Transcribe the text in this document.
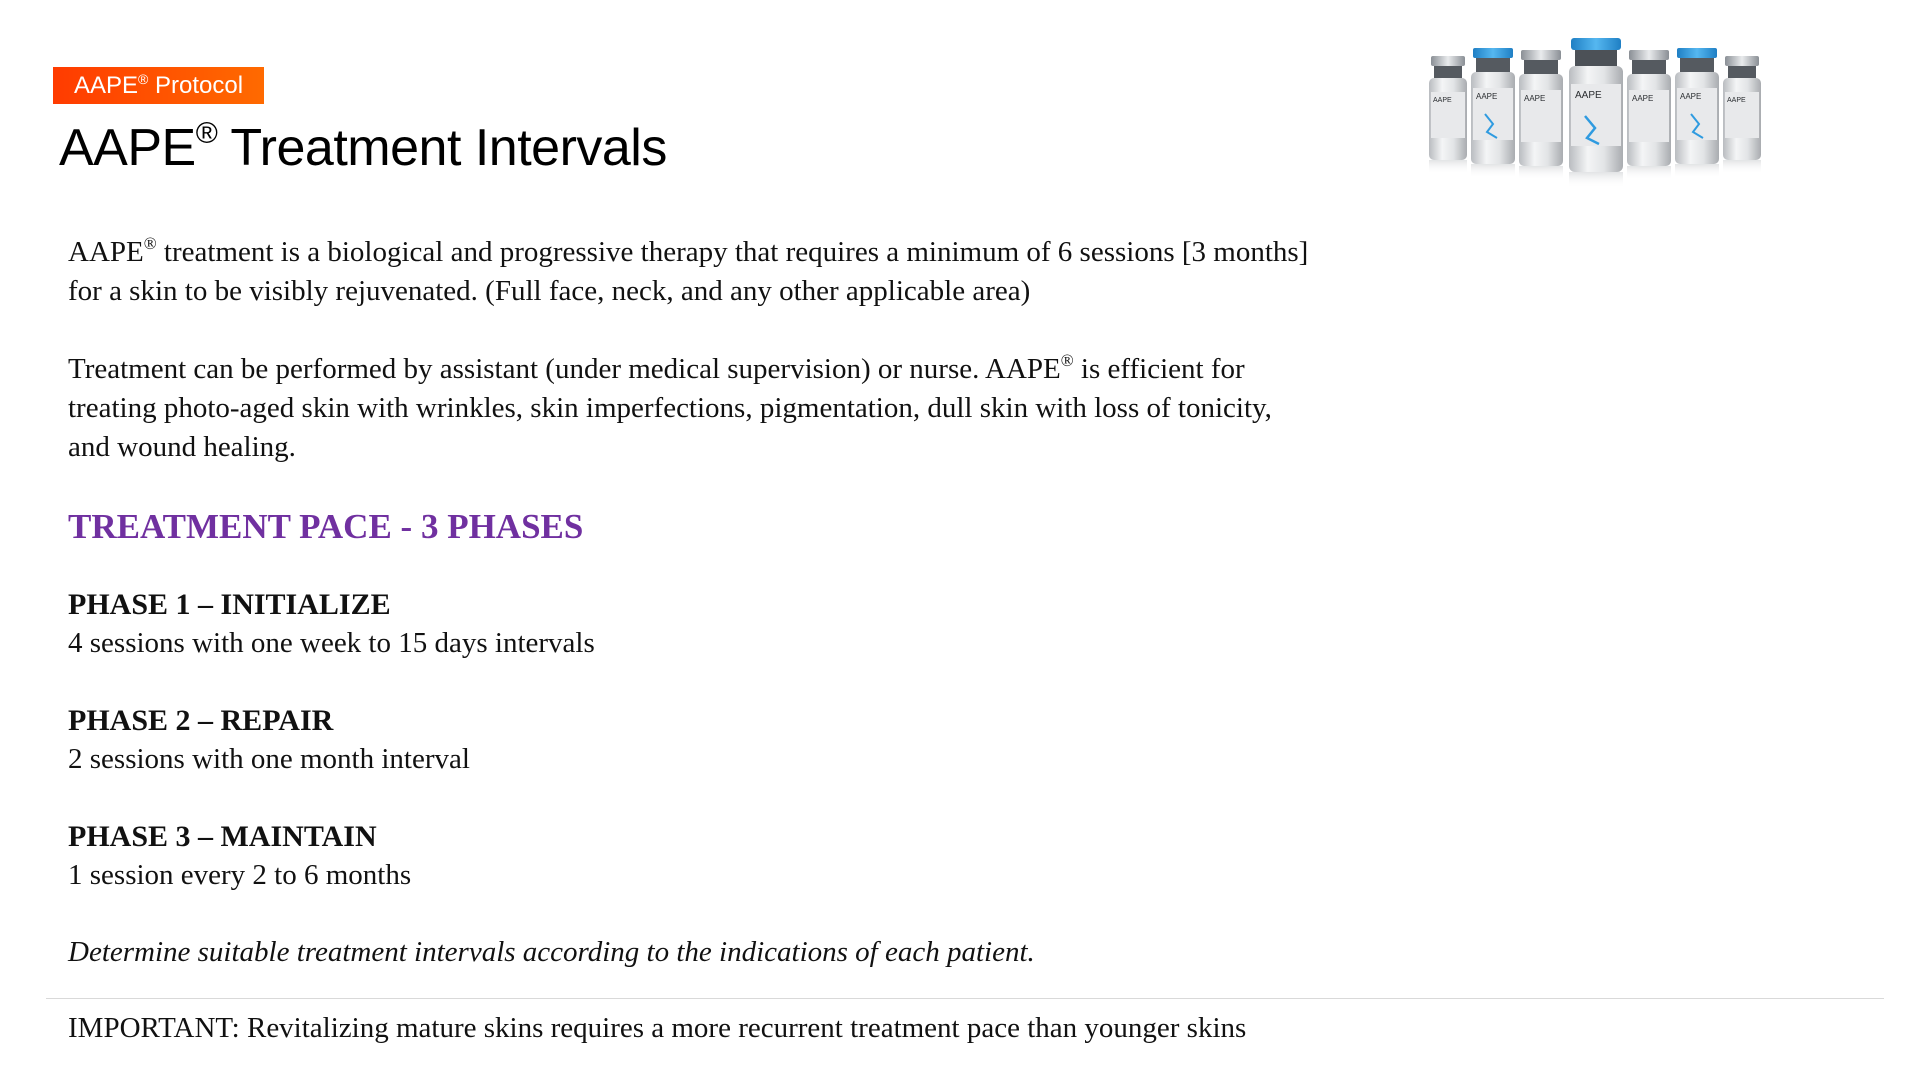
AAPE® Protocol
AAPE® Treatment Intervals
AAPE	AAPE	AAPE	AAPE	AAPE	AAPE	AAPE

AAPE® treatment is a biological and progressive therapy that requires a minimum of 6 sessions [3 months]
for a skin to be visibly rejuvenated. (Full face, neck, and any other applicable area)

Treatment can be performed by assistant (under medical supervision) or nurse. AAPE® is efficient for
treating photo-aged skin with wrinkles, skin imperfections, pigmentation, dull skin with loss of tonicity,
and wound healing.

TREATMENT PACE - 3 PHASES

PHASE 1 – INITIALIZE

4 sessions with one week to 15 days intervals

PHASE 2 – REPAIR

2 sessions with one month interval

PHASE 3 – MAINTAIN

1 session every 2 to 6 months

Determine suitable treatment intervals according to the indications of each patient.

IMPORTANT: Revitalizing mature skins requires a more recurrent treatment pace than younger skins
